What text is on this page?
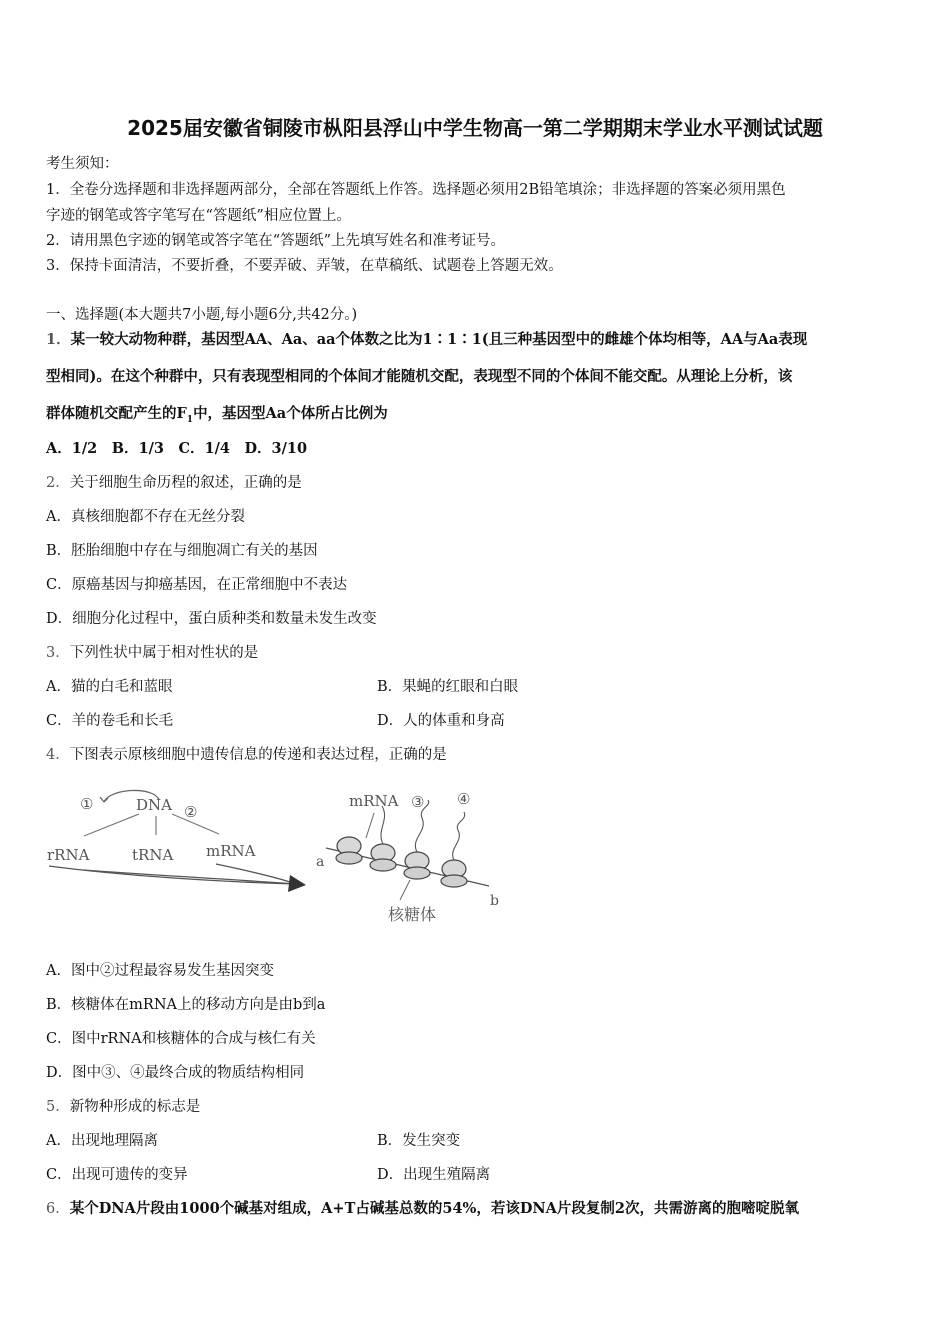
2025届安徽省铜陵市枞阳县浮山中学生物高一第二学期期末学业水平测试试题
考生须知：
1．全卷分选择题和非选择题两部分，全部在答题纸上作答。选择题必须用2B铅笔填涂；非选择题的答案必须用黑色
字迹的钢笔或答字笔写在“答题纸”相应位置上。
2．请用黑色字迹的钢笔或答字笔在“答题纸”上先填写姓名和准考证号。
3．保持卡面清洁，不要折叠，不要弄破、弄皱，在草稿纸、试题卷上答题无效。
一、选择题(本大题共7小题,每小题6分,共42分。)
1．某一较大动物种群，基因型AA、Aa、aa个体数之比为1∶1∶1(且三种基因型中的雌雄个体均相等，AA与Aa表现
型相同)。在这个种群中，只有表现型相同的个体间才能随机交配，表现型不同的个体间不能交配。从理论上分析，该
群体随机交配产生的$F_1$中，基因型Aa个体所占比例为
A．1/2　B．1/3　C．1/4　D．3/10
2．关于细胞生命历程的叙述，正确的是
A．真核细胞都不存在无丝分裂
B．胚胎细胞中存在与细胞凋亡有关的基因
C．原癌基因与抑癌基因，在正常细胞中不表达
D．细胞分化过程中，蛋白质种类和数量未发生改变
3．下列性状中属于相对性状的是
A．猫的白毛和蓝眼	B．果蝇的红眼和白眼
C．羊的卷毛和长毛	D．人的体重和身高
4．下图表示原核细胞中遗传信息的传递和表达过程，正确的是
①	DNA ②
rRNA	tRNA mRNA
mRNA ③ ④
a
b
核糖体
A．图中②过程最容易发生基因突变
B．核糖体在mRNA上的移动方向是由b到a
C．图中rRNA和核糖体的合成与核仁有关
D．图中③、④最终合成的物质结构相同
5．新物种形成的标志是
A．出现地理隔离	B．发生突变
C．出现可遗传的变异	D．出现生殖隔离
6．某个DNA片段由1000个碱基对组成，A+T占碱基总数的54%，若该DNA片段复制2次，共需游离的胞嘧啶脱氧
